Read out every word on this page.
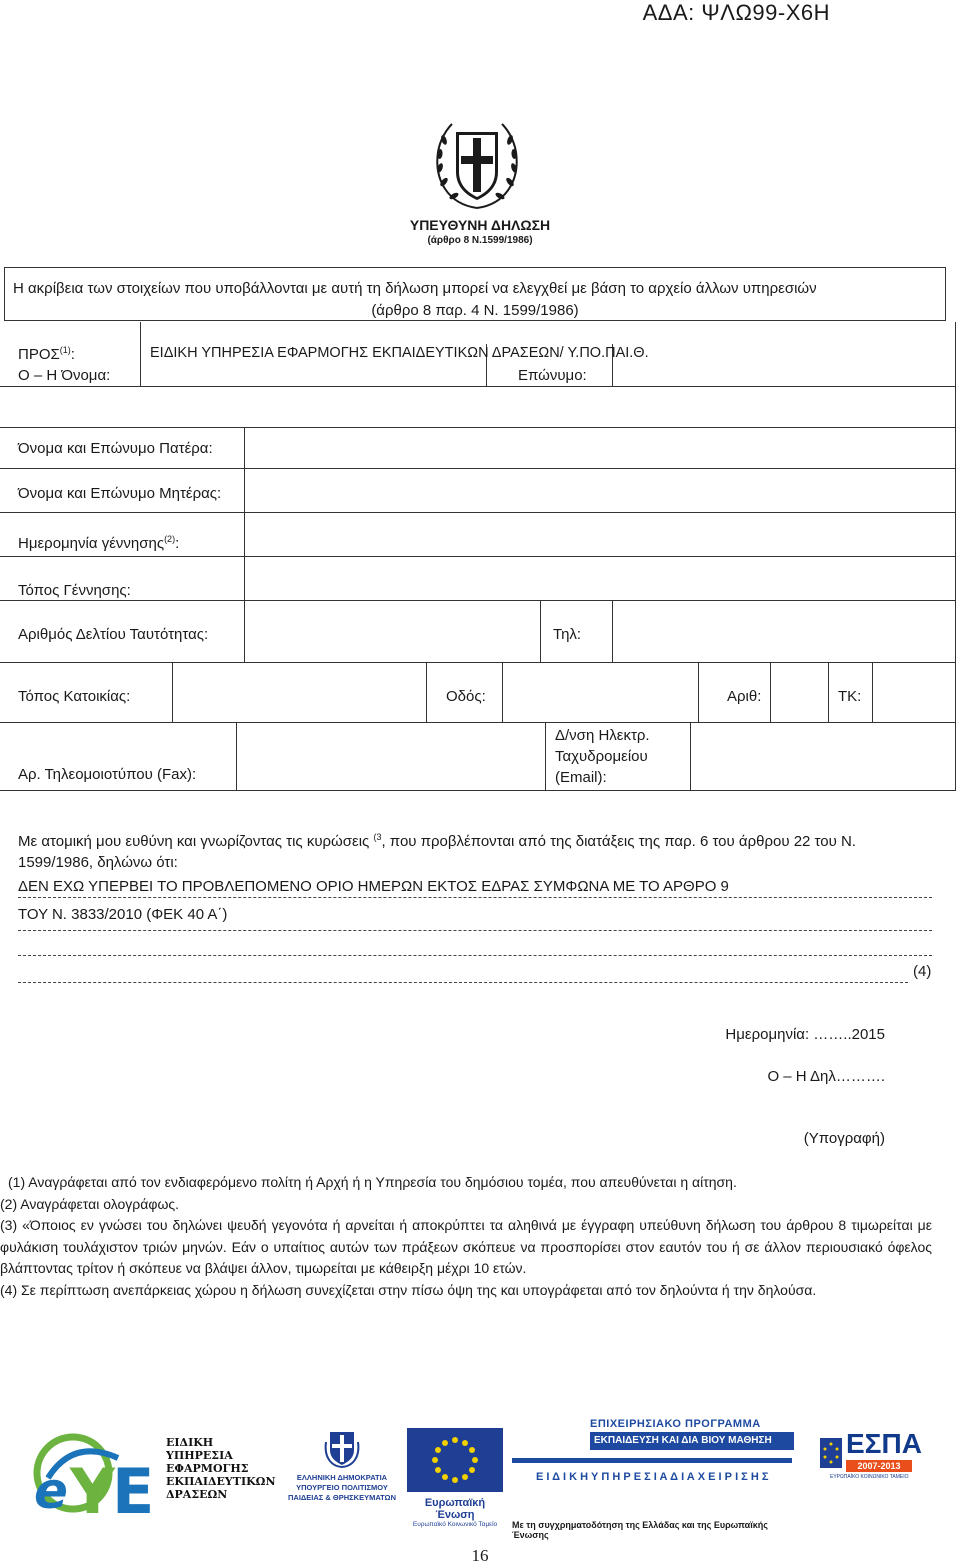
ΑΔΑ: ΨΛΩ99-Χ6Η
ΥΠΕΥΘΥΝΗ ΔΗΛΩΣΗ
(άρθρο 8 Ν.1599/1986)
Η ακρίβεια των στοιχείων που υποβάλλονται με αυτή τη δήλωση μπορεί να ελεγχθεί με βάση το αρχείο άλλων υπηρεσιών
(άρθρο 8 παρ. 4 Ν. 1599/1986)
ΠΡΟΣ$^{(1)}$:	ΕΙΔΙΚΗ ΥΠΗΡΕΣΙΑ ΕΦΑΡΜΟΓΗΣ ΕΚΠΑΙΔΕΥΤΙΚΩΝ ΔΡΑΣΕΩΝ/ Υ.ΠΟ.ΠΑΙ.Θ.
Ο – Η Όνομα:	Επώνυμο:
Όνομα και Επώνυμο Πατέρα:
Όνομα και Επώνυμο Μητέρας:
Ημερομηνία γέννησης$^{(2)}$:
Τόπος Γέννησης:
Αριθμός Δελτίου Ταυτότητας:	Τηλ:
Τόπος Κατοικίας:	Οδός:	Αριθ:	ΤΚ:
Αρ. Τηλεομοιοτύπου (Fax):
Δ/νση Ηλεκτρ.
Ταχυδρομείου
(Email):
Με ατομική μου ευθύνη και γνωρίζοντας τις κυρώσεις $^{(3}$, που προβλέπονται από της διατάξεις της παρ. 6 του άρθρου 22 του Ν.
1599/1986, δηλώνω ότι:
ΔΕΝ ΕΧΩ ΥΠΕΡΒΕΙ ΤΟ ΠΡΟΒΛΕΠΟΜΕΝΟ ΟΡΙΟ ΗΜΕΡΩΝ ΕΚΤΟΣ ΕΔΡΑΣ ΣΥΜΦΩΝΑ ΜΕ ΤΟ ΑΡΘΡΟ 9
ΤΟΥ Ν. 3833/2010 (ΦΕΚ 40 Α΄)
(4)
Ημερομηνία: ……..2015
Ο – Η Δηλ……….
(Υπογραφή)

(1) Αναγράφεται από τον ενδιαφερόμενο πολίτη ή Αρχή ή η Υπηρεσία του δημόσιου τομέα, που απευθύνεται η αίτηση.

(2) Αναγράφεται ολογράφως.

(3) «Όποιος εν γνώσει του δηλώνει ψευδή γεγονότα ή αρνείται ή αποκρύπτει τα αληθινά με έγγραφη υπεύθυνη δήλωση του άρθρου 8 τιμωρείται με φυλάκιση τουλάχιστον τριών μηνών. Εάν ο υπαίτιος αυτών των πράξεων σκόπευε να προσπορίσει στον εαυτόν του ή σε άλλον περιουσιακό όφελος βλάπτοντας τρίτον ή σκόπευε να βλάψει άλλον, τιμωρείται με κάθειρξη μέχρι 10 ετών.

(4) Σε περίπτωση ανεπάρκειας χώρου η δήλωση συνεχίζεται στην πίσω όψη της και υπογράφεται από τον δηλούντα ή την δηλούσα.

e Y
E
ΕΙΔΙΚΗ
ΥΠΗΡΕΣΙΑ
ΕΦΑΡΜΟΓΗΣ
ΕΚΠΑΙΔΕΥΤΙΚΩΝ
ΔΡΑΣΕΩΝ
ΕΛΛΗΝΙΚΗ ΔΗΜΟΚΡΑΤΙΑ
ΥΠΟΥΡΓΕΙΟ ΠΟΛΙΤΙΣΜΟΥ
ΠΑΙΔΕΙΑΣ & ΘΡΗΣΚΕΥΜΑΤΩΝ	Ευρωπαϊκή Ένωση
Ευρωπαϊκό Κοινωνικό Ταμείο
ΕΠΙΧΕΙΡΗΣΙΑΚΟ ΠΡΟΓΡΑΜΜΑ
ΕΚΠΑΙΔΕΥΣΗ ΚΑΙ ΔΙΑ ΒΙΟΥ ΜΑΘΗΣΗ
Ε Ι Δ Ι Κ Η Υ Π Η Ρ Ε Σ Ι Α Δ Ι Α Χ Ε Ι Ρ Ι Σ Η Σ
Με τη συγχρηματοδότηση της Ελλάδας και της Ευρωπαϊκής Ένωσης
ΕΣΠΑ
2007-2013
ΕΥΡΩΠΑΪΚΟ ΚΟΙΝΩΝΙΚΟ ΤΑΜΕΙΟ
16
